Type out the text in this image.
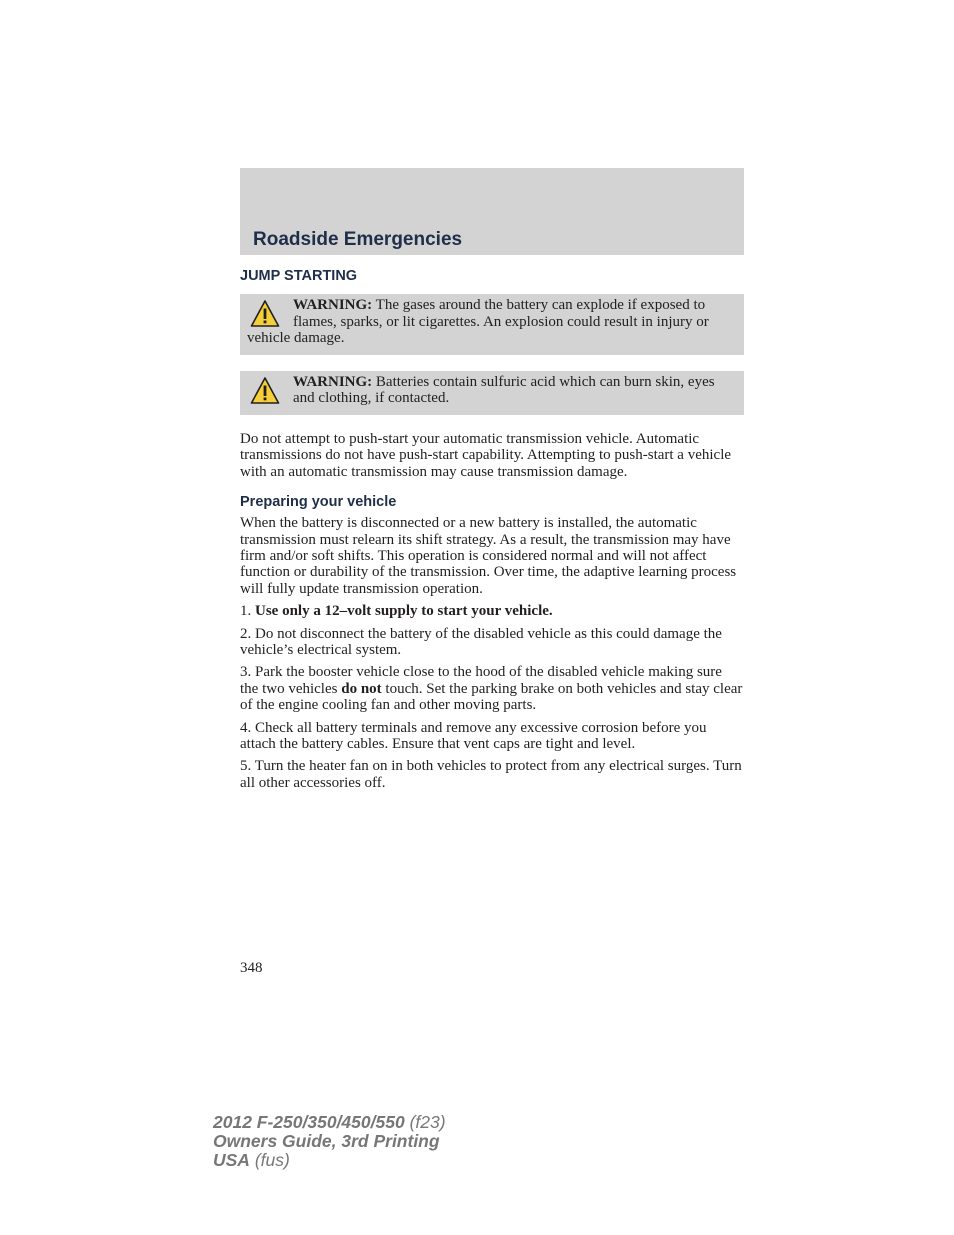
Roadside Emergencies
JUMP STARTING
WARNING: The gases around the battery can explode if exposed to flames, sparks, or lit cigarettes. An explosion could result in injury or vehicle damage.
WARNING: Batteries contain sulfuric acid which can burn skin, eyes and clothing, if contacted.

Do not attempt to push-start your automatic transmission vehicle. Automatic transmissions do not have push-start capability. Attempting to push-start a vehicle with an automatic transmission may cause transmission damage.

Preparing your vehicle

When the battery is disconnected or a new battery is installed, the automatic transmission must relearn its shift strategy. As a result, the transmission may have firm and/or soft shifts. This operation is considered normal and will not affect function or durability of the transmission. Over time, the adaptive learning process will fully update transmission operation.

1. Use only a 12–volt supply to start your vehicle.

2. Do not disconnect the battery of the disabled vehicle as this could damage the vehicle’s electrical system.

3. Park the booster vehicle close to the hood of the disabled vehicle making sure the two vehicles do not touch. Set the parking brake on both vehicles and stay clear of the engine cooling fan and other moving parts.

4. Check all battery terminals and remove any excessive corrosion before you attach the battery cables. Ensure that vent caps are tight and level.

5. Turn the heater fan on in both vehicles to protect from any electrical surges. Turn all other accessories off.

348
2012 F-250/350/450/550 (f23)
Owners Guide, 3rd Printing
USA (fus)
